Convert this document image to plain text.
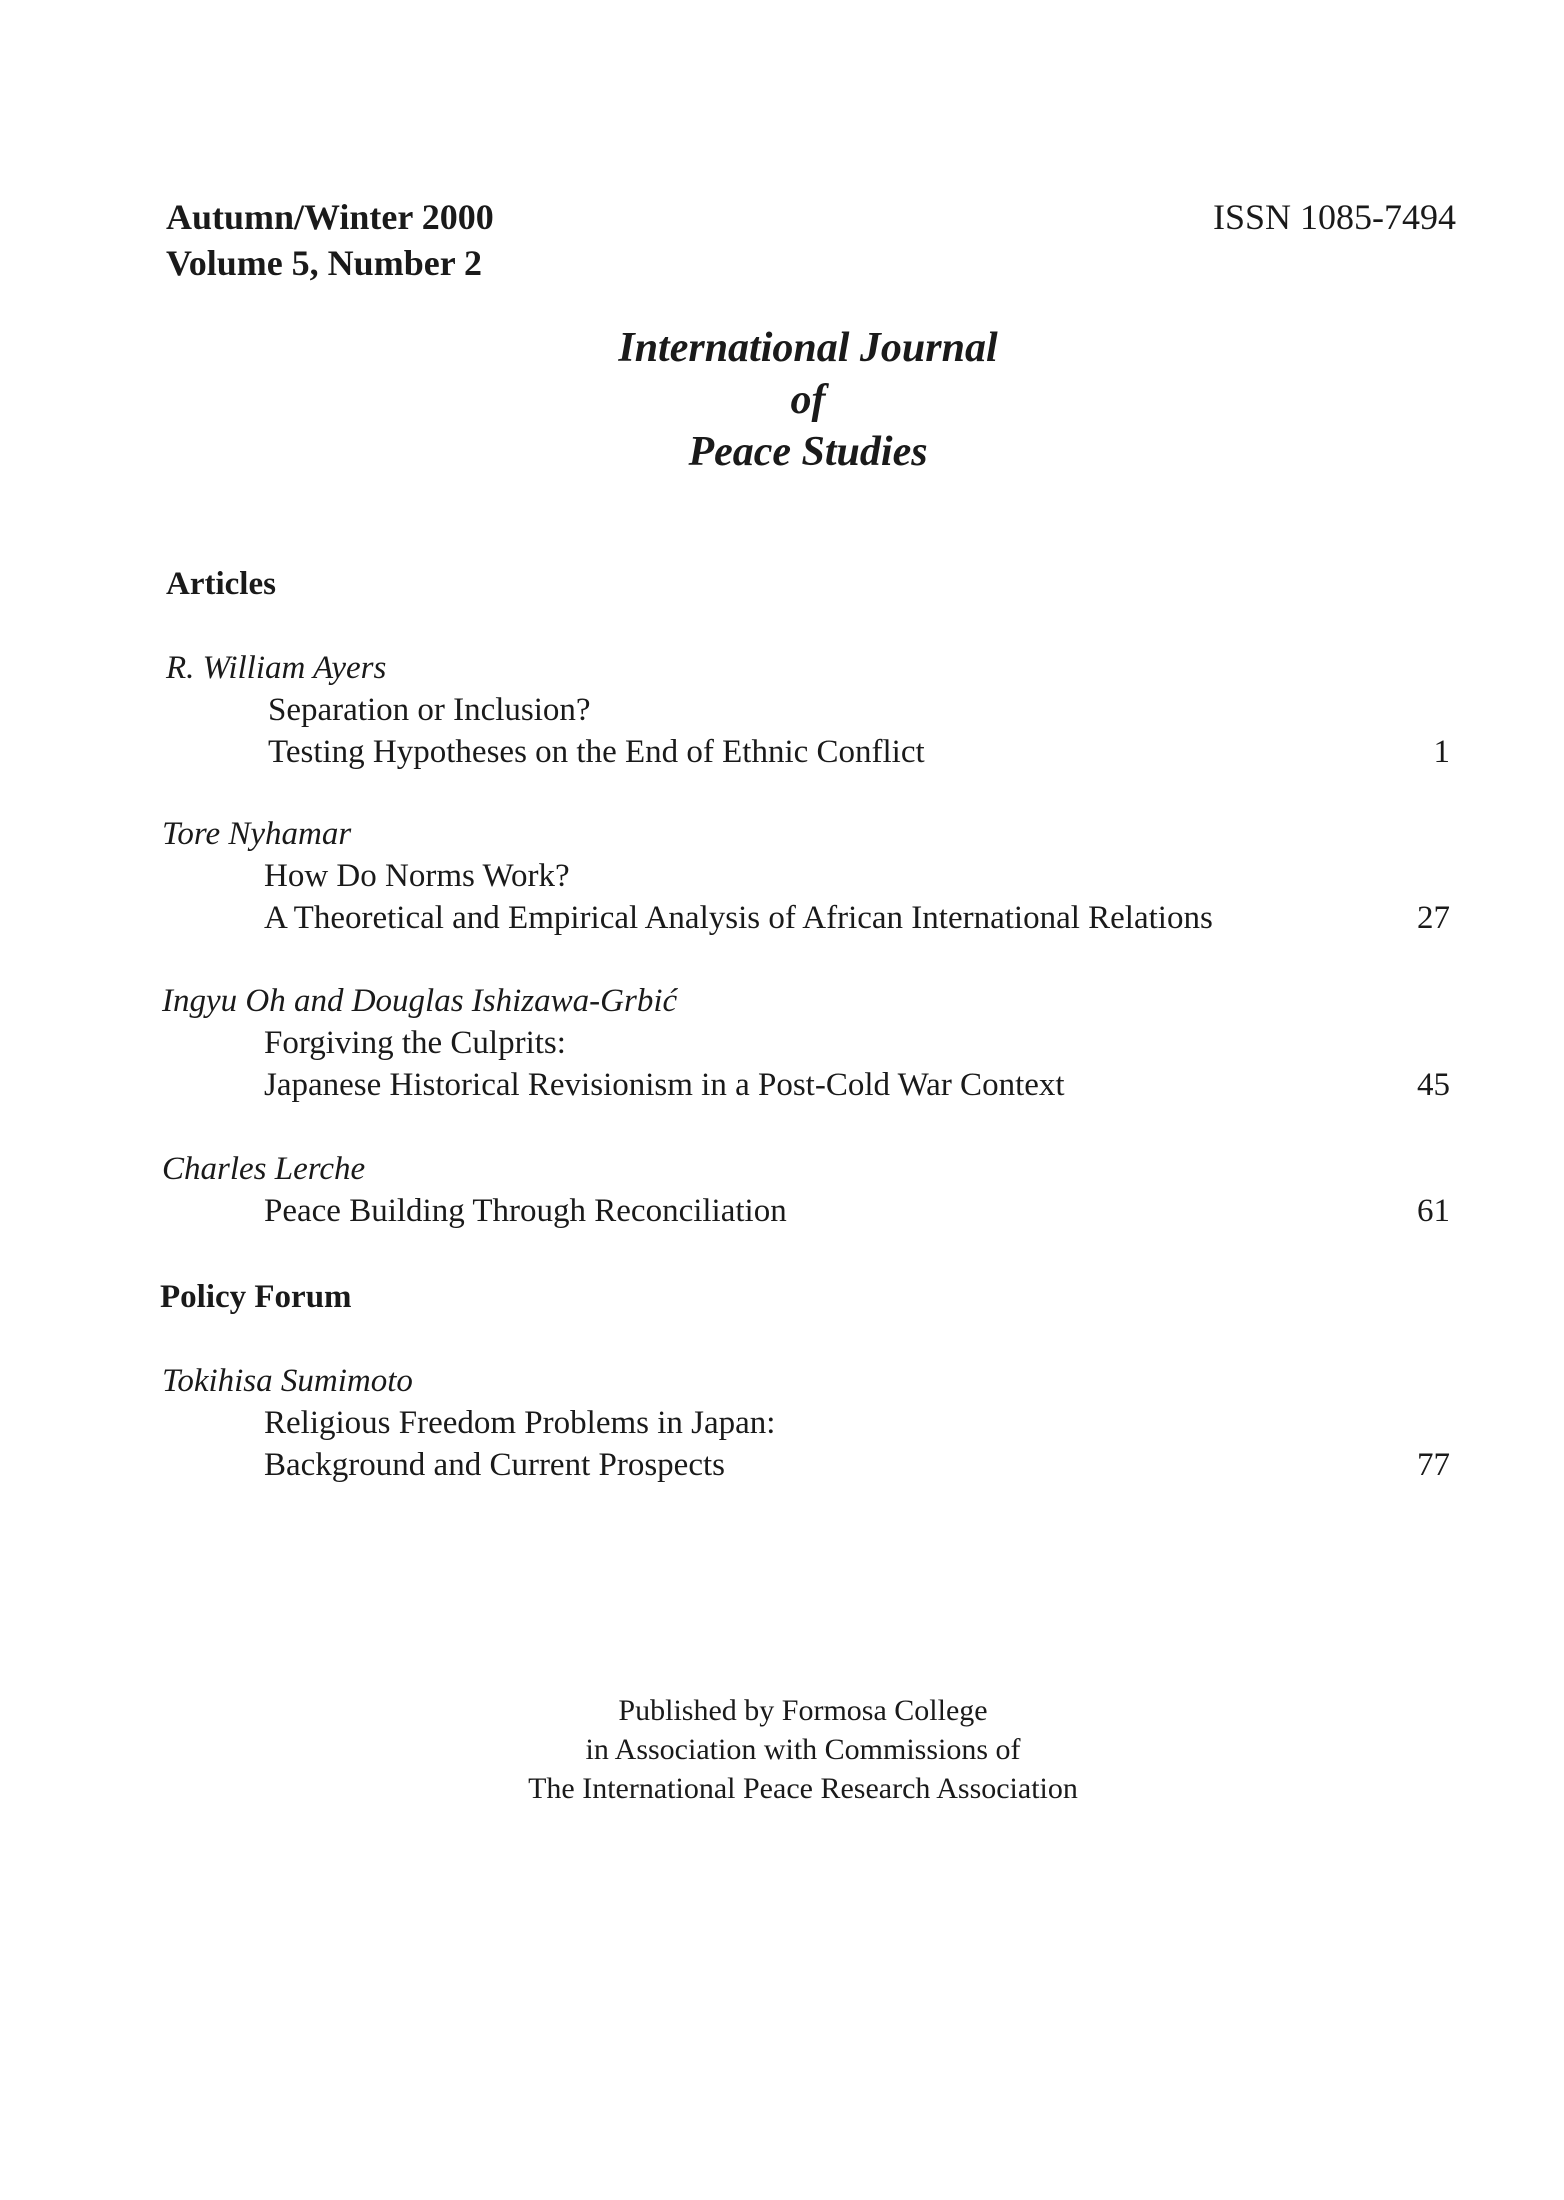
Autumn/Winter 2000
Volume 5, Number 2
ISSN 1085-7494
International Journal
of
Peace Studies
Articles
R. William Ayers
Separation or Inclusion?
Testing Hypotheses on the End of Ethnic Conflict	1
Tore Nyhamar
How Do Norms Work?
A Theoretical and Empirical Analysis of African International Relations	27
Ingyu Oh and Douglas Ishizawa-Grbić
Forgiving the Culprits:
Japanese Historical Revisionism in a Post-Cold War Context	45
Charles Lerche
Peace Building Through Reconciliation	61
Policy Forum
Tokihisa Sumimoto
Religious Freedom Problems in Japan:
Background and Current Prospects	77
Published by Formosa College
in Association with Commissions of
The International Peace Research Association
